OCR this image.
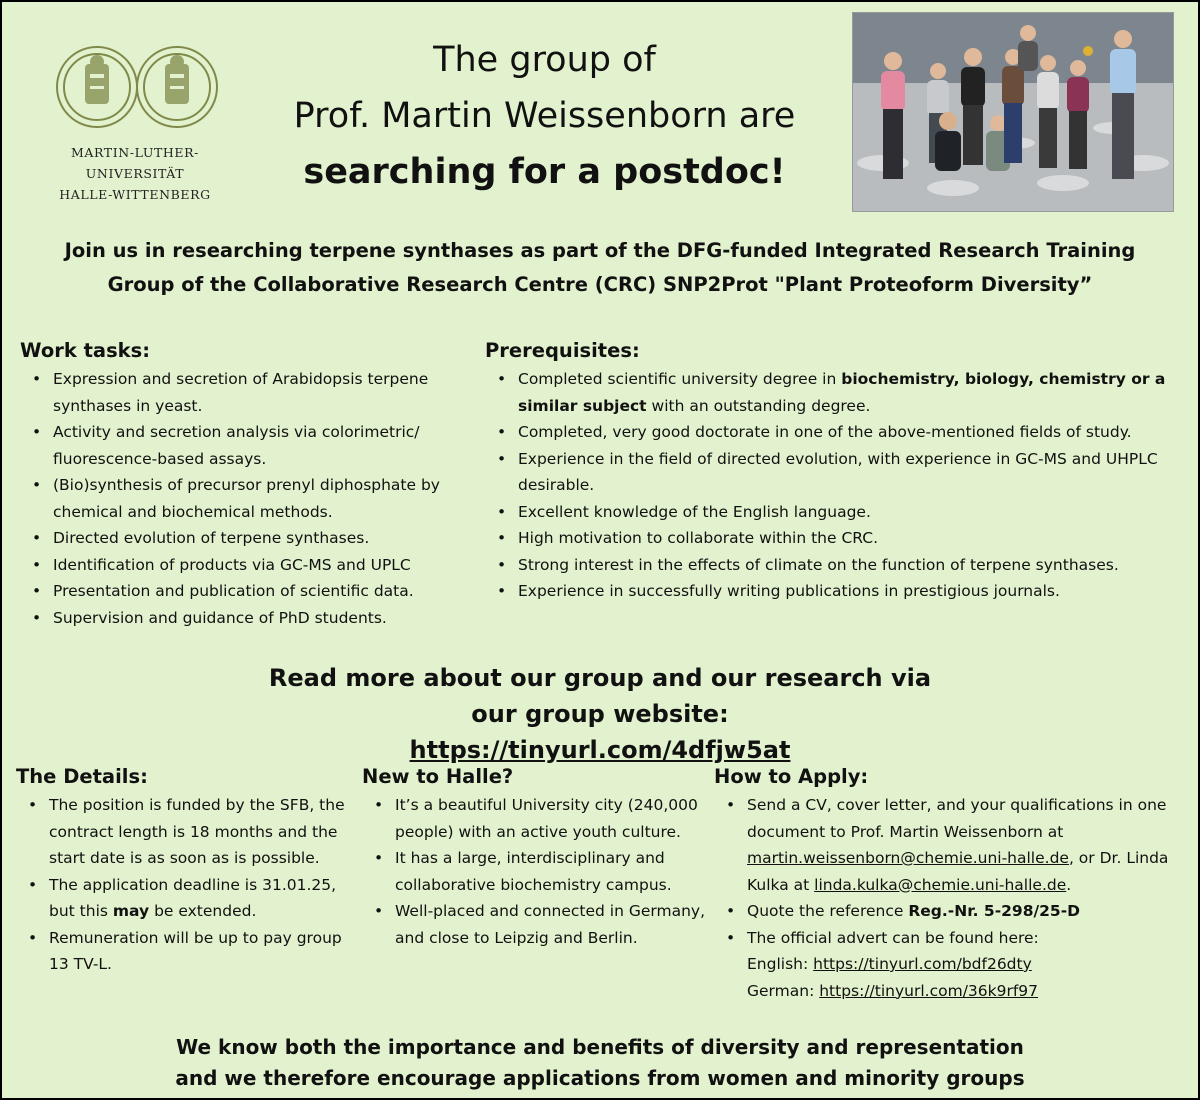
MARTIN-LUTHER-UNIVERSITÄT
HALLE-WITTENBERG
The group of
Prof. Martin Weissenborn are
searching for a postdoc!
Join us in researching terpene synthases as part of the DFG-funded Integrated Research Training
Group of the Collaborative Research Centre (CRC) SNP2Prot "Plant Proteoform Diversity”
Work tasks:
• Expression and secretion of Arabidopsis terpene synthases in yeast.
• Activity and secretion analysis via colorimetric/ fluorescence-based assays.
• (Bio)synthesis of precursor prenyl diphosphate by chemical and biochemical methods.
• Directed evolution of terpene synthases.
• Identification of products via GC-MS and UPLC
• Presentation and publication of scientific data.
• Supervision and guidance of PhD students.
Prerequisites:
• Completed scientific university degree in biochemistry, biology, chemistry or a similar subject with an outstanding degree.
• Completed, very good doctorate in one of the above-mentioned fields of study.
• Experience in the field of directed evolution, with experience in GC-MS and UHPLC desirable.
• Excellent knowledge of the English language.
• High motivation to collaborate within the CRC.
• Strong interest in the effects of climate on the function of terpene synthases.
• Experience in successfully writing publications in prestigious journals.
Read more about our group and our research via
our group website:
https://tinyurl.com/4dfjw5at
The Details:
• The position is funded by the SFB, the contract length is 18 months and the start date is as soon as is possible.
• The application deadline is 31.01.25, but this may be extended.
• Remuneration will be up to pay group 13 TV-L.
New to Halle?
• It’s a beautiful University city (240,000 people) with an active youth culture.
• It has a large, interdisciplinary and collaborative biochemistry campus.
• Well-placed and connected in Germany, and close to Leipzig and Berlin.
How to Apply:
• Send a CV, cover letter, and your qualifications in one document to Prof. Martin Weissenborn at martin.weissenborn@chemie.uni-halle.de, or Dr. Linda Kulka at linda.kulka@chemie.uni-halle.de.
• Quote the reference Reg.-Nr. 5-298/25-D
• The official advert can be found here:
English: https://tinyurl.com/bdf26dty
German: https://tinyurl.com/36k9rf97
We know both the importance and benefits of diversity and representation
and we therefore encourage applications from women and minority groups
